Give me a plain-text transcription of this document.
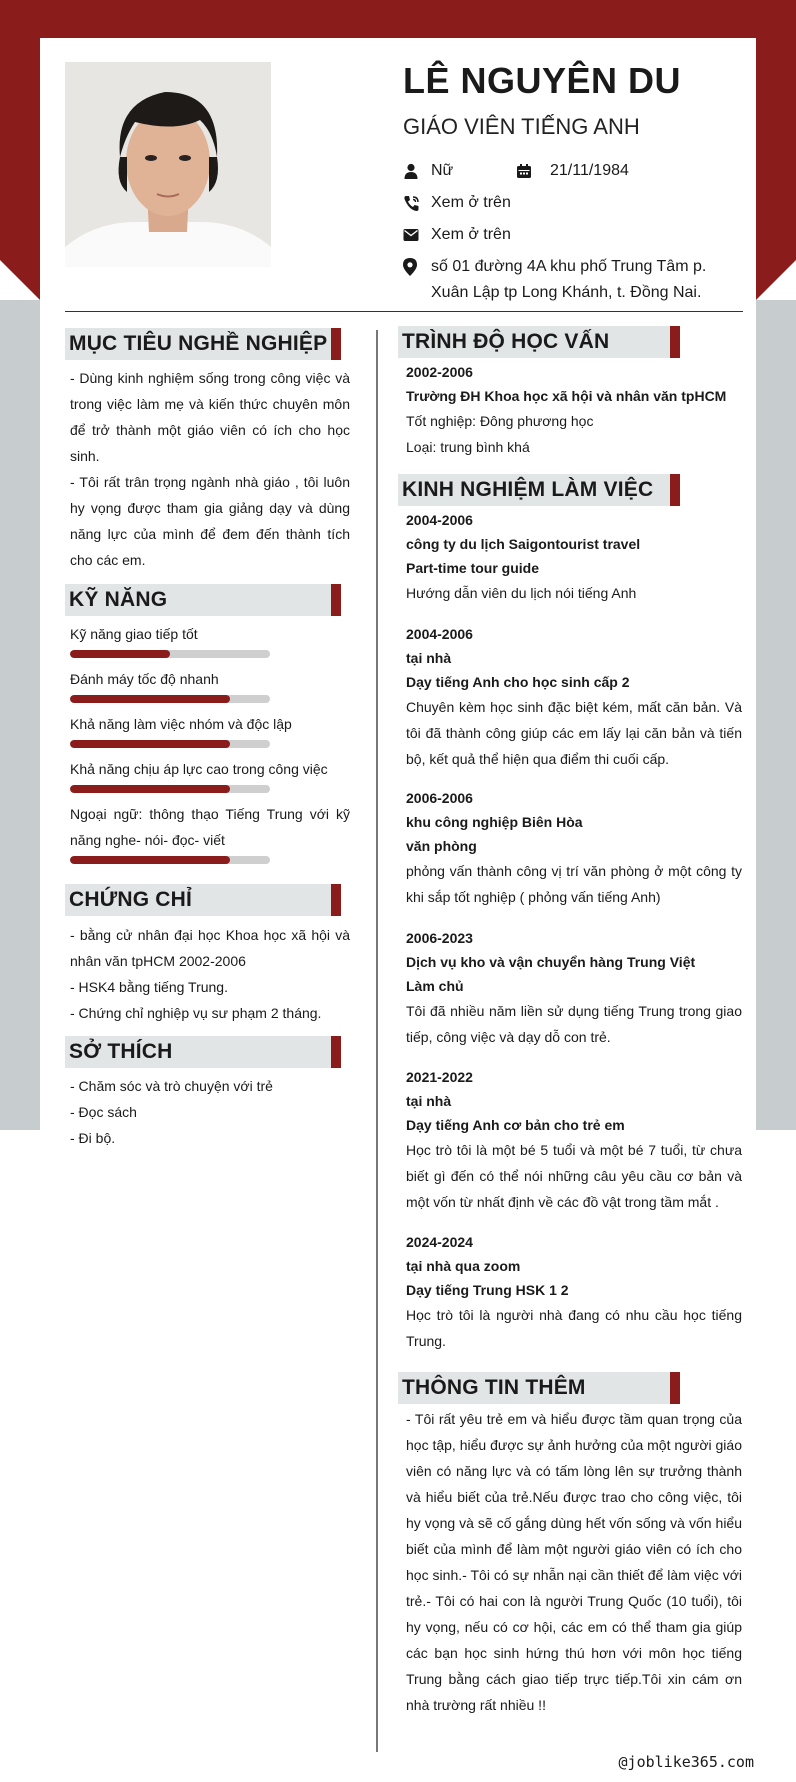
LÊ NGUYÊN DU
GIÁO VIÊN TIẾNG ANH
Nữ	21/11/1984
Xem ở trên
Xem ở trên
số 01 đường 4A khu phố Trung Tâm p.
Xuân Lập tp Long Khánh, t. Đồng Nai.
MỤC TIÊU NGHỀ NGHIỆP

- Dùng kinh nghiệm sống trong công việc và trong việc làm mẹ và kiến thức chuyên môn để trở thành một giáo viên có ích cho học sinh.

- Tôi rất trân trọng ngành nhà giáo , tôi luôn hy vọng được tham gia giảng dạy và dùng năng lực của mình để đem đến thành tích cho các em.

KỸ NĂNG
Kỹ năng giao tiếp tốt
Đánh máy tốc độ nhanh
Khả năng làm việc nhóm và độc lập
Khả năng chịu áp lực cao trong công việc
Ngoại ngữ: thông thạo Tiếng Trung với kỹ năng nghe- nói- đọc- viết
CHỨNG CHỈ

- bằng cử nhân đại học Khoa học xã hội và nhân văn tpHCM 2002-2006

- HSK4 bằng tiếng Trung.

- Chứng chỉ nghiệp vụ sư phạm 2 tháng.

SỞ THÍCH

- Chăm sóc và trò chuyện với trẻ

- Đọc sách

- Đi bộ.

TRÌNH ĐỘ HỌC VẤN
2002-2006
Trường ĐH Khoa học xã hội và nhân văn tpHCM
Tốt nghiệp: Đông phương học
Loại: trung bình khá
KINH NGHIỆM LÀM VIỆC
2004-2006
công ty du lịch Saigontourist travel
Part-time tour guide
Hướng dẫn viên du lịch nói tiếng Anh
2004-2006
tại nhà
Dạy tiếng Anh cho học sinh cấp 2
Chuyên kèm học sinh đặc biệt kém, mất căn bản. Và tôi đã thành công giúp các em lấy lại căn bản và tiến bộ, kết quả thể hiện qua điểm thi cuối cấp.
2006-2006
khu công nghiệp Biên Hòa
văn phòng
phỏng vấn thành công vị trí văn phòng ở một công ty khi sắp tốt nghiệp ( phỏng vấn tiếng Anh)
2006-2023
Dịch vụ kho và vận chuyển hàng Trung Việt
Làm chủ
Tôi đã nhiều năm liền sử dụng tiếng Trung trong giao tiếp, công việc và dạy dỗ con trẻ.
2021-2022
tại nhà
Dạy tiếng Anh cơ bản cho trẻ em
Học trò tôi là một bé 5 tuổi và một bé 7 tuổi, từ chưa biết gì đến có thể nói những câu yêu cầu cơ bản và một vốn từ nhất định về các đồ vật trong tầm mắt .
2024-2024
tại nhà qua zoom
Dạy tiếng Trung HSK 1 2
Học trò tôi là người nhà đang có nhu cầu học tiếng Trung.
THÔNG TIN THÊM
- Tôi rất yêu trẻ em và hiểu được tầm quan trọng của học tập, hiểu được sự ảnh hưởng của một người giáo viên có năng lực và có tấm lòng lên sự trưởng thành và hiểu biết của trẻ.Nếu được trao cho công việc, tôi hy vọng và sẽ cố gắng dùng hết vốn sống và vốn hiểu biết của mình để làm một người giáo viên có ích cho học sinh.- Tôi có sự nhẫn nại cần thiết để làm việc với trẻ.- Tôi có hai con là người Trung Quốc (10 tuổi), tôi hy vọng, nếu có cơ hội, các em có thể tham gia giúp các bạn học sinh hứng thú hơn với môn học tiếng Trung bằng cách giao tiếp trực tiếp.Tôi xin cám ơn nhà trường rất nhiều !!
@joblike365.com
